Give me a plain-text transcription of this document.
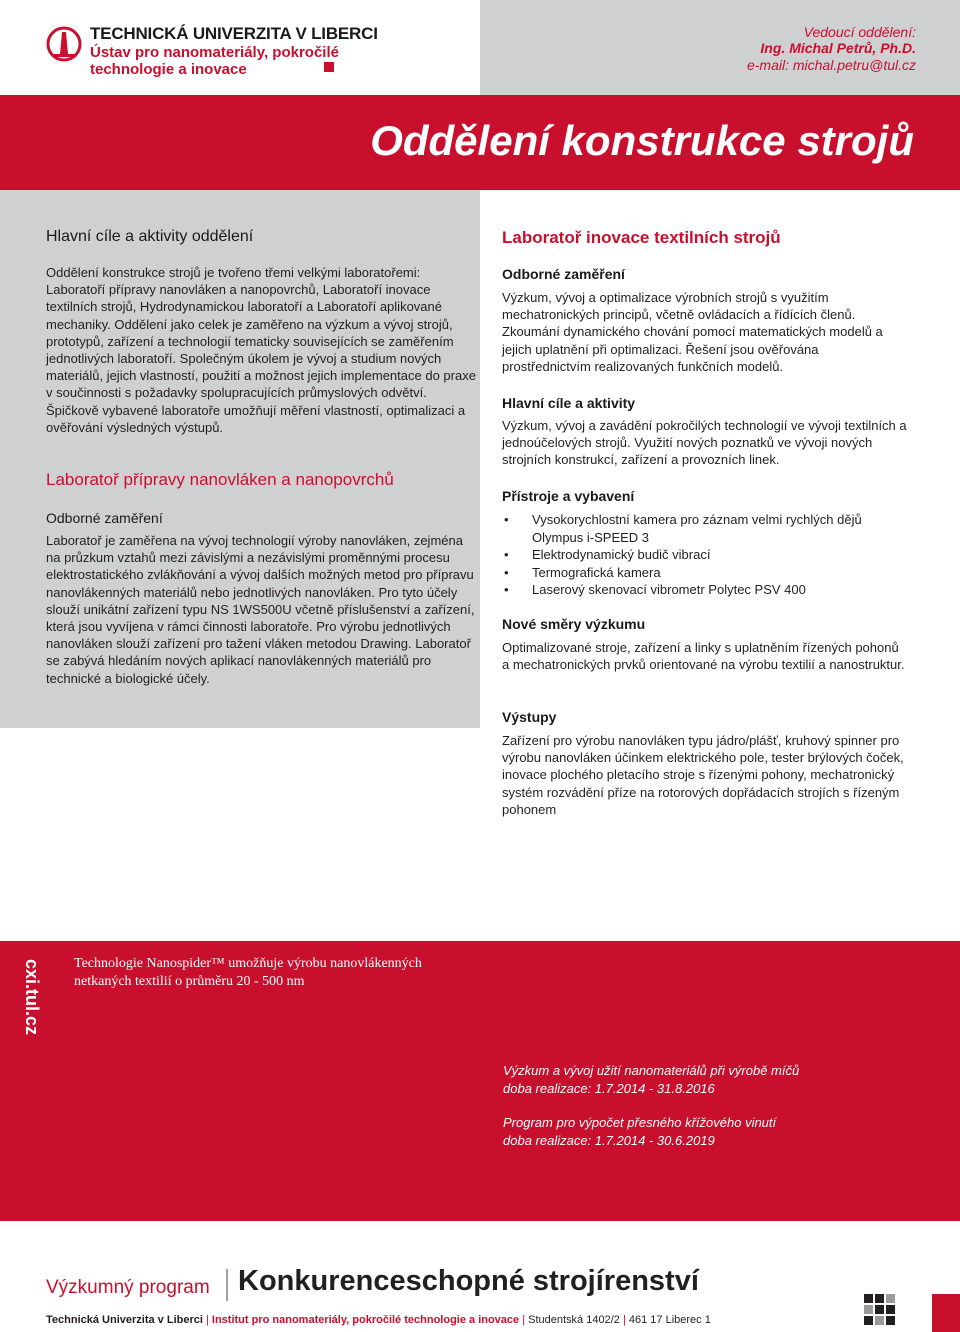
TECHNICKÁ UNIVERZITA V LIBERCI
Ústav pro nanomateriály, pokročilé
technologie a inovace
Vedoucí oddělení:
Ing. Michal Petrů, Ph.D.
e-mail: michal.petru@tul.cz
Oddělení konstrukce strojů
Hlavní cíle a aktivity oddělení

Oddělení konstrukce strojů je tvořeno třemi velkými laboratořemi: Laboratoří přípravy nanovláken a nanopovrchů, Laboratoří inovace textilních strojů, Hydrodynamickou laboratoří a Laboratoří aplikované mechaniky. Oddělení jako celek je zaměřeno na výzkum a vývoj strojů, prototypů, zařízení a technologií tematicky souvisejících se zaměřením jednotlivých laboratoří. Společným úkolem je vývoj a studium nových materiálů, jejich vlastností, použití a možnost jejich implementace do praxe v součinnosti s požadavky spolupracujících průmyslových odvětví. Špičkově vybavené laboratoře umožňují měření vlastností, optimalizaci a ověřování výsledných výstupů.

Laboratoř přípravy nanovláken a nanopovrchů
Odborné zaměření

Laboratoř je zaměřena na vývoj technologií výroby nanovláken, zejména na průzkum vztahů mezi závislými a nezávislými proměnnými procesu elektrostatického zvlákňování a vývoj dalších možných metod pro přípravu nanovlákenných materiálů nebo jednotlivých nanovláken. Pro tyto účely slouží unikátní zařízení typu NS 1WS500U včetně příslušenství a zařízení, která jsou vyvíjena v rámci činnosti laboratoře. Pro výrobu jednotlivých nanovláken slouží zařízení pro tažení vláken metodou Drawing. Laboratoř se zabývá hledáním nových aplikací nanovlákenných materiálů pro technické a biologické účely.

Laboratoř inovace textilních strojů
Odborné zaměření

Výzkum, vývoj a optimalizace výrobních strojů s využitím mechatronických principů, včetně ovládacích a řídících členů. Zkoumání dynamického chování pomocí matematických modelů a jejich uplatnění při optimalizaci. Řešení jsou ověřována prostřednictvím realizovaných funkčních modelů.

Hlavní cíle a aktivity

Výzkum, vývoj a zavádění pokročilých technologií ve vývoji textilních a jednoúčelových strojů. Využití nových poznatků ve vývoji nových strojních konstrukcí, zařízení a provozních linek.

Přístroje a vybavení
• Vysokorychlostní kamera pro záznam velmi rychlých dějů Olympus i-SPEED 3
• Elektrodynamický budič vibrací
• Termografická kamera
• Laserový skenovací vibrometr Polytec PSV 400
Nové směry výzkumu

Optimalizované stroje, zařízení a linky s uplatněním řízených pohonů a mechatronických prvků orientované na výrobu textilií a nanostruktur.

Výstupy

Zařízení pro výrobu nanovláken typu jádro/plášť, kruhový spinner pro výrobu nanovláken účinkem elektrického pole, tester brýlových čoček, inovace plochého pletacího stroje s řízenými pohony, mechatronický systém rozvádění příze na rotorových dopřádacích strojích s řízeným pohonem

cxi.tul.cz Technologie Nanospider™ umožňuje výrobu nanovlákenných netkaných textilií o průměru 20 - 500 nm
Výzkum a vývoj užití nanomateriálů při výrobě míčů
doba realizace: 1.7.2014 - 31.8.2016
Program pro výpočet přesného křížového vinutí
doba realizace: 1.7.2014 - 30.6.2019
Výzkumný program Konkurenceschopné strojírenství
Technická Univerzita v Liberci | Institut pro nanomateriály, pokročilé technologie a inovace | Studentská 1402/2 | 461 17 Liberec 1
